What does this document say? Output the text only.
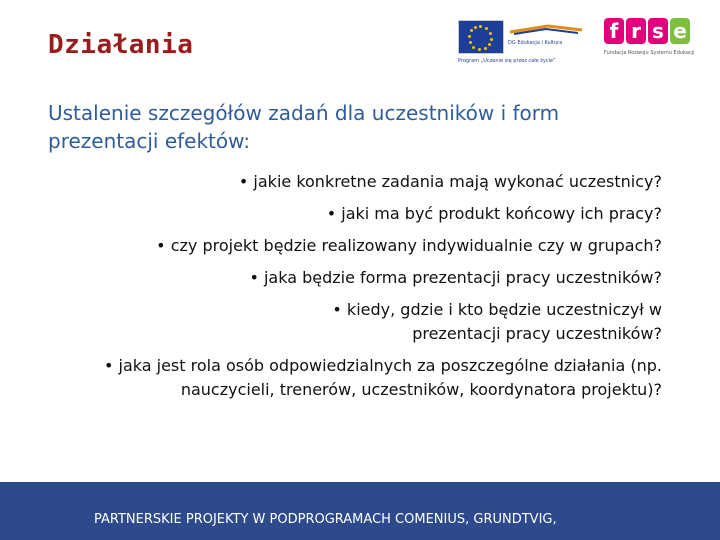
Działania	DG Edukacja i Kultura
Program „Uczenie się przez całe życie”
f r s e
Fundacja Rozwoju Systemu Edukacji
Ustalenie szczegółów zadań dla uczestników i form prezentacji efektów:
• jakie konkretne zadania mają wykonać uczestnicy?
• jaki ma być produkt końcowy ich pracy?
• czy projekt będzie realizowany indywidualnie czy w grupach?
• jaka będzie forma prezentacji pracy uczestników?
• kiedy, gdzie i kto będzie uczestniczył w prezentacji pracy uczestników?
• jaka jest rola osób odpowiedzialnych za poszczególne działania (np. nauczycieli, trenerów, uczestników, koordynatora projektu)?
PARTNERSKIE PROJEKTY W PODPROGRAMACH COMENIUS, GRUNDTVIG,
